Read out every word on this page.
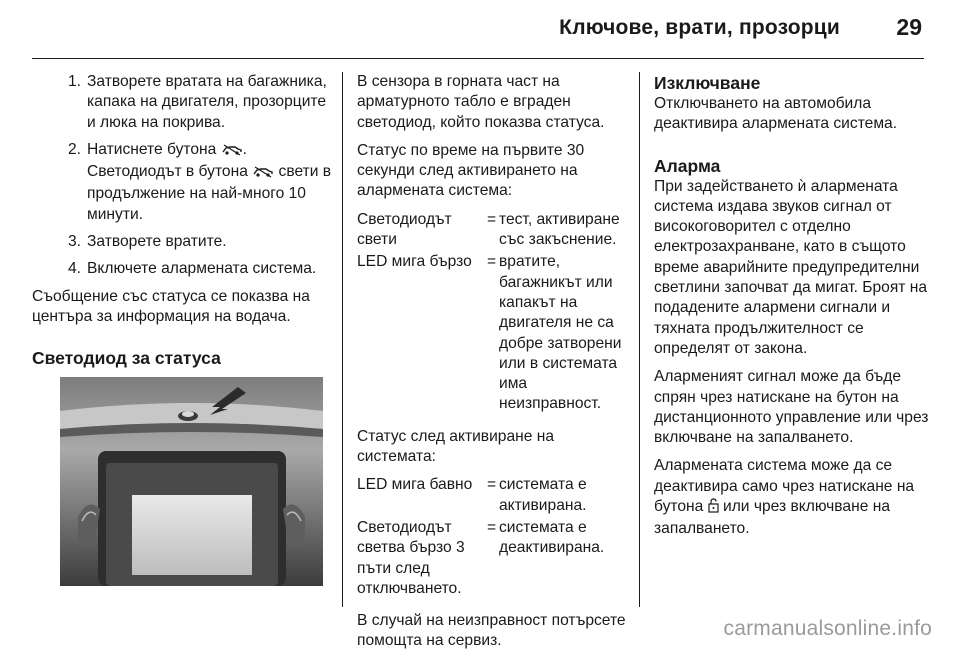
Ключове, врати, прозорци 29
1. Затворете вратата на багажника, капака на двигателя, прозорците и люка на покрива.
2. Натиснете бутона . Светодиодът в бутона  свети в продължение на най-много 10 минути.
3. Затворете вратите.
4. Включете алармената система.

Съобщение със статуса се показва на центъра за информация на водача.

Светодиод за статуса

В сензора в горната част на арматурното табло е вграден светодиод, който показва статуса.

Статус по време на първите 30 секунди след активирането на алармената система:

Светодиодът свети
= тест, активиране със закъснение.
LED мига бързо = вратите, багажникът или капакът на двигателя не са добре затворени или в системата има неизправност.

Статус след активиране на системата:

LED мига бавно = системата е активирана.
Светодиодът светва бързо 3 пъти след отключването.
= системата е деактивирана.

В случай на неизправност потърсете помощта на сервиз.

Изключване

Отключването на автомобила деактивира алармената система.

Аларма

При задействането ѝ алармената система издава звуков сигнал от високоговорител с отделно електрозахранване, като в същото време аварийните предупредителни светлини започват да мигат. Броят на подадените алармени сигнали и тяхната продължителност се определят от закона.

Алармeният сигнал може да бъде спрян чрез натискане на бутон на дистанционното управление или чрез включване на запалването.

Алармената система може да се деактивира само чрез натискане на бутона  или чрез включване на запалването.

carmanualsonline.info
